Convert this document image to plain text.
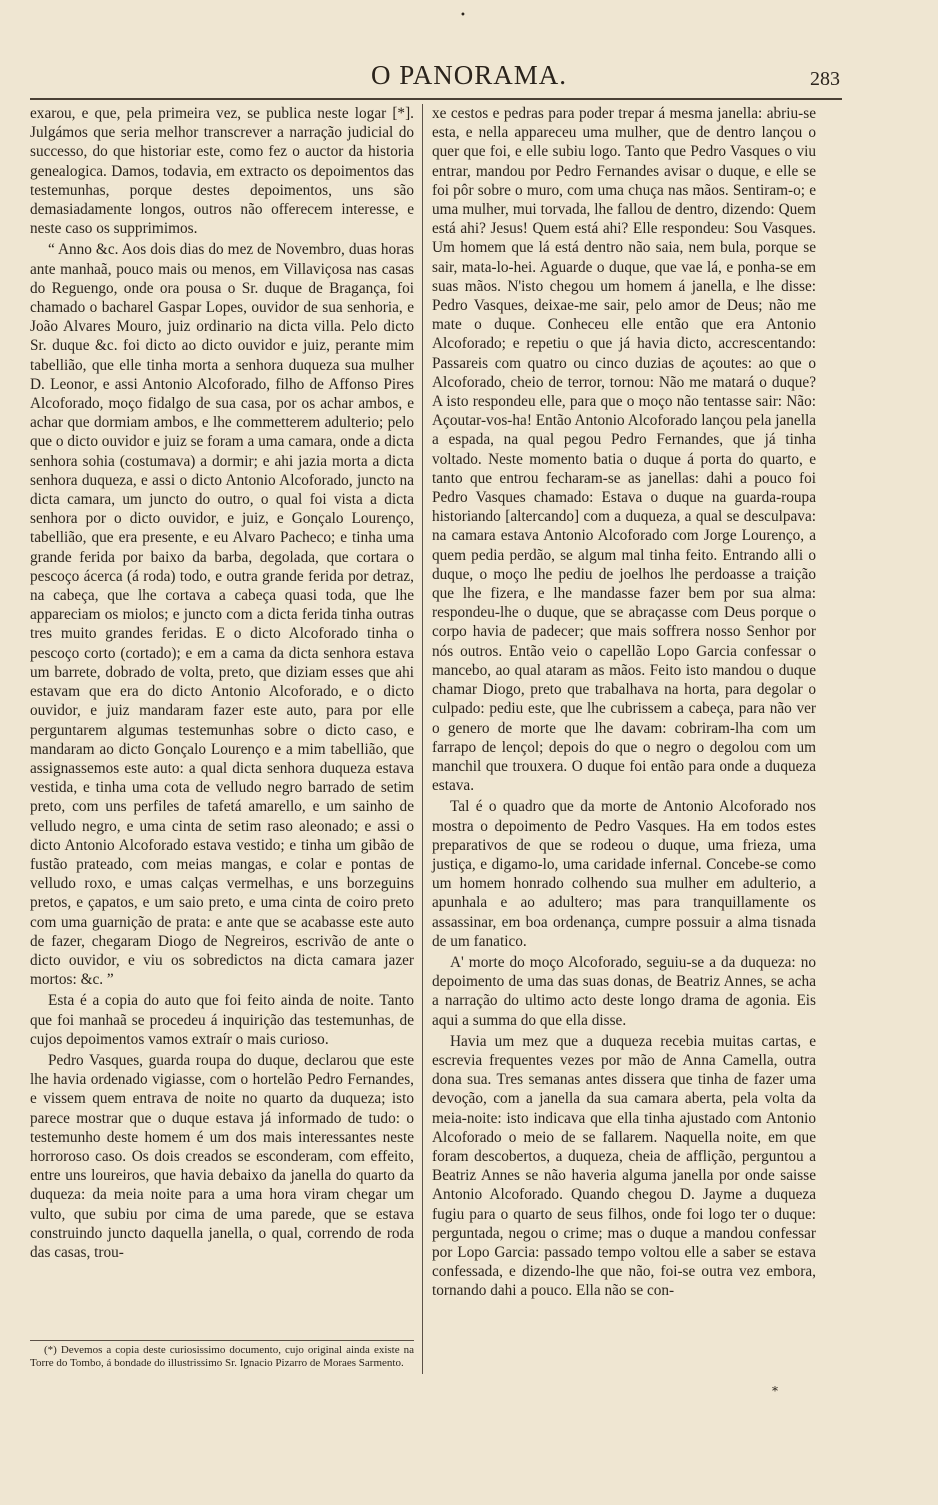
•
O PANORAMA.	283

exarou, e que, pela primeira vez, se publica neste logar [*]. Julgámos que seria melhor transcrever a narração judicial do successo, do que historiar este, como fez o auctor da historia genealogica. Damos, todavia, em extracto os depoimentos das testemunhas, porque destes depoimentos, uns são demasiadamente longos, outros não offerecem interesse, e neste caso os supprimimos.

“ Anno &c. Aos dois dias do mez de Novembro, duas horas ante manhaã, pouco mais ou menos, em Villaviçosa nas casas do Reguengo, onde ora pousa o Sr. duque de Bragança, foi chamado o bacharel Gaspar Lopes, ouvidor de sua senhoria, e João Alvares Mouro, juiz ordinario na dicta villa. Pelo dicto Sr. duque &c. foi dicto ao dicto ouvidor e juiz, perante mim tabellião, que elle tinha morta a senhora duqueza sua mulher D. Leonor, e assi Antonio Alcoforado, filho de Affonso Pires Alcoforado, moço fidalgo de sua casa, por os achar ambos, e achar que dormiam ambos, e lhe commetterem adulterio; pelo que o dicto ouvidor e juiz se foram a uma camara, onde a dicta senhora sohia (costumava) a dormir; e ahi jazia morta a dicta senhora duqueza, e assi o dicto Antonio Alcoforado, juncto na dicta camara, um juncto do outro, o qual foi vista a dicta senhora por o dicto ouvidor, e juiz, e Gonçalo Lourenço, tabellião, que era presente, e eu Alvaro Pacheco; e tinha uma grande ferida por baixo da barba, degolada, que cortara o pescoço ácerca (á roda) todo, e outra grande ferida por detraz, na cabeça, que lhe cortava a cabeça quasi toda, que lhe appareciam os miolos; e juncto com a dicta ferida tinha outras tres muito grandes feridas. E o dicto Alcoforado tinha o pescoço corto (cortado); e em a cama da dicta senhora estava um barrete, dobrado de volta, preto, que diziam esses que ahi estavam que era do dicto Antonio Alcoforado, e o dicto ouvidor, e juiz mandaram fazer este auto, para por elle perguntarem algumas testemunhas sobre o dicto caso, e mandaram ao dicto Gonçalo Lourenço e a mim tabellião, que assignassemos este auto: a qual dicta senhora duqueza estava vestida, e tinha uma cota de velludo negro barrado de setim preto, com uns perfiles de tafetá amarello, e um sainho de velludo negro, e uma cinta de setim raso aleonado; e assi o dicto Antonio Alcoforado estava vestido; e tinha um gibão de fustão prateado, com meias mangas, e colar e pontas de velludo roxo, e umas calças vermelhas, e uns borzeguins pretos, e çapatos, e um saio preto, e uma cinta de coiro preto com uma guarnição de prata: e ante que se acabasse este auto de fazer, chegaram Diogo de Negreiros, escrivão de ante o dicto ouvidor, e viu os sobredictos na dicta camara jazer mortos: &c. ”

Esta é a copia do auto que foi feito ainda de noite. Tanto que foi manhaã se procedeu á inquirição das testemunhas, de cujos depoimentos vamos extraír o mais curioso.

Pedro Vasques, guarda roupa do duque, declarou que este lhe havia ordenado vigiasse, com o hortelão Pedro Fernandes, e vissem quem entrava de noite no quarto da duqueza; isto parece mostrar que o duque estava já informado de tudo: o testemunho deste homem é um dos mais interessantes neste horroroso caso. Os dois creados se esconderam, com effeito, entre uns loureiros, que havia debaixo da janella do quarto da duqueza: da meia noite para a uma hora viram chegar um vulto, que subiu por cima de uma parede, que se estava construindo juncto daquella janella, o qual, correndo de roda das casas, trou-

xe cestos e pedras para poder trepar á mesma janella: abriu-se esta, e nella appareceu uma mulher, que de dentro lançou o quer que foi, e elle subiu logo. Tanto que Pedro Vasques o viu entrar, mandou por Pedro Fernandes avisar o duque, e elle se foi pôr sobre o muro, com uma chuça nas mãos. Sentiram-o; e uma mulher, mui torvada, lhe fallou de dentro, dizendo: Quem está ahi? Jesus! Quem está ahi? Elle respondeu: Sou Vasques. Um homem que lá está dentro não saia, nem bula, porque se sair, mata-lo-hei. Aguarde o duque, que vae lá, e ponha-se em suas mãos. N'isto chegou um homem á janella, e lhe disse: Pedro Vasques, deixae-me sair, pelo amor de Deus; não me mate o duque. Conheceu elle então que era Antonio Alcoforado; e repetiu o que já havia dicto, accrescentando: Passareis com quatro ou cinco duzias de açoutes: ao que o Alcoforado, cheio de terror, tornou: Não me matará o duque? A isto respondeu elle, para que o moço não tentasse sair: Não: Açoutar-vos-ha! Então Antonio Alcoforado lançou pela janella a espada, na qual pegou Pedro Fernandes, que já tinha voltado. Neste momento batia o duque á porta do quarto, e tanto que entrou fecharam-se as janellas: dahi a pouco foi Pedro Vasques chamado: Estava o duque na guarda-roupa historiando [altercando] com a duqueza, a qual se desculpava: na camara estava Antonio Alcoforado com Jorge Lourenço, a quem pedia perdão, se algum mal tinha feito. Entrando alli o duque, o moço lhe pediu de joelhos lhe perdoasse a traição que lhe fizera, e lhe mandasse fazer bem por sua alma: respondeu-lhe o duque, que se abraçasse com Deus porque o corpo havia de padecer; que mais soffrera nosso Senhor por nós outros. Então veio o capellão Lopo Garcia confessar o mancebo, ao qual ataram as mãos. Feito isto mandou o duque chamar Diogo, preto que trabalhava na horta, para degolar o culpado: pediu este, que lhe cubrissem a cabeça, para não ver o genero de morte que lhe davam: cobriram-lha com um farrapo de lençol; depois do que o negro o degolou com um manchil que trouxera. O duque foi então para onde a duqueza estava.

Tal é o quadro que da morte de Antonio Alcoforado nos mostra o depoimento de Pedro Vasques. Ha em todos estes preparativos de que se rodeou o duque, uma frieza, uma justiça, e digamo-lo, uma caridade infernal. Concebe-se como um homem honrado colhendo sua mulher em adulterio, a apunhala e ao adultero; mas para tranquillamente os assassinar, em boa ordenança, cumpre possuir a alma tisnada de um fanatico.

A' morte do moço Alcoforado, seguiu-se a da duqueza: no depoimento de uma das suas donas, de Beatriz Annes, se acha a narração do ultimo acto deste longo drama de agonia. Eis aqui a summa do que ella disse.

Havia um mez que a duqueza recebia muitas cartas, e escrevia frequentes vezes por mão de Anna Camella, outra dona sua. Tres semanas antes dissera que tinha de fazer uma devoção, com a janella da sua camara aberta, pela volta da meia-noite: isto indicava que ella tinha ajustado com Antonio Alcoforado o meio de se fallarem. Naquella noite, em que foram descobertos, a duqueza, cheia de afflição, perguntou a Beatriz Annes se não haveria alguma janella por onde saisse Antonio Alcoforado. Quando chegou D. Jayme a duqueza fugiu para o quarto de seus filhos, onde foi logo ter o duque: perguntada, negou o crime; mas o duque a mandou confessar por Lopo Garcia: passado tempo voltou elle a saber se estava confessada, e dizendo-lhe que não, foi-se outra vez embora, tornando dahi a pouco. Ella não se con-

(*) Devemos a copia deste curiosissimo documento, cujo original ainda existe na Torre do Tombo, á bondade do illustrissimo Sr. Ignacio Pizarro de Moraes Sarmento.
*
